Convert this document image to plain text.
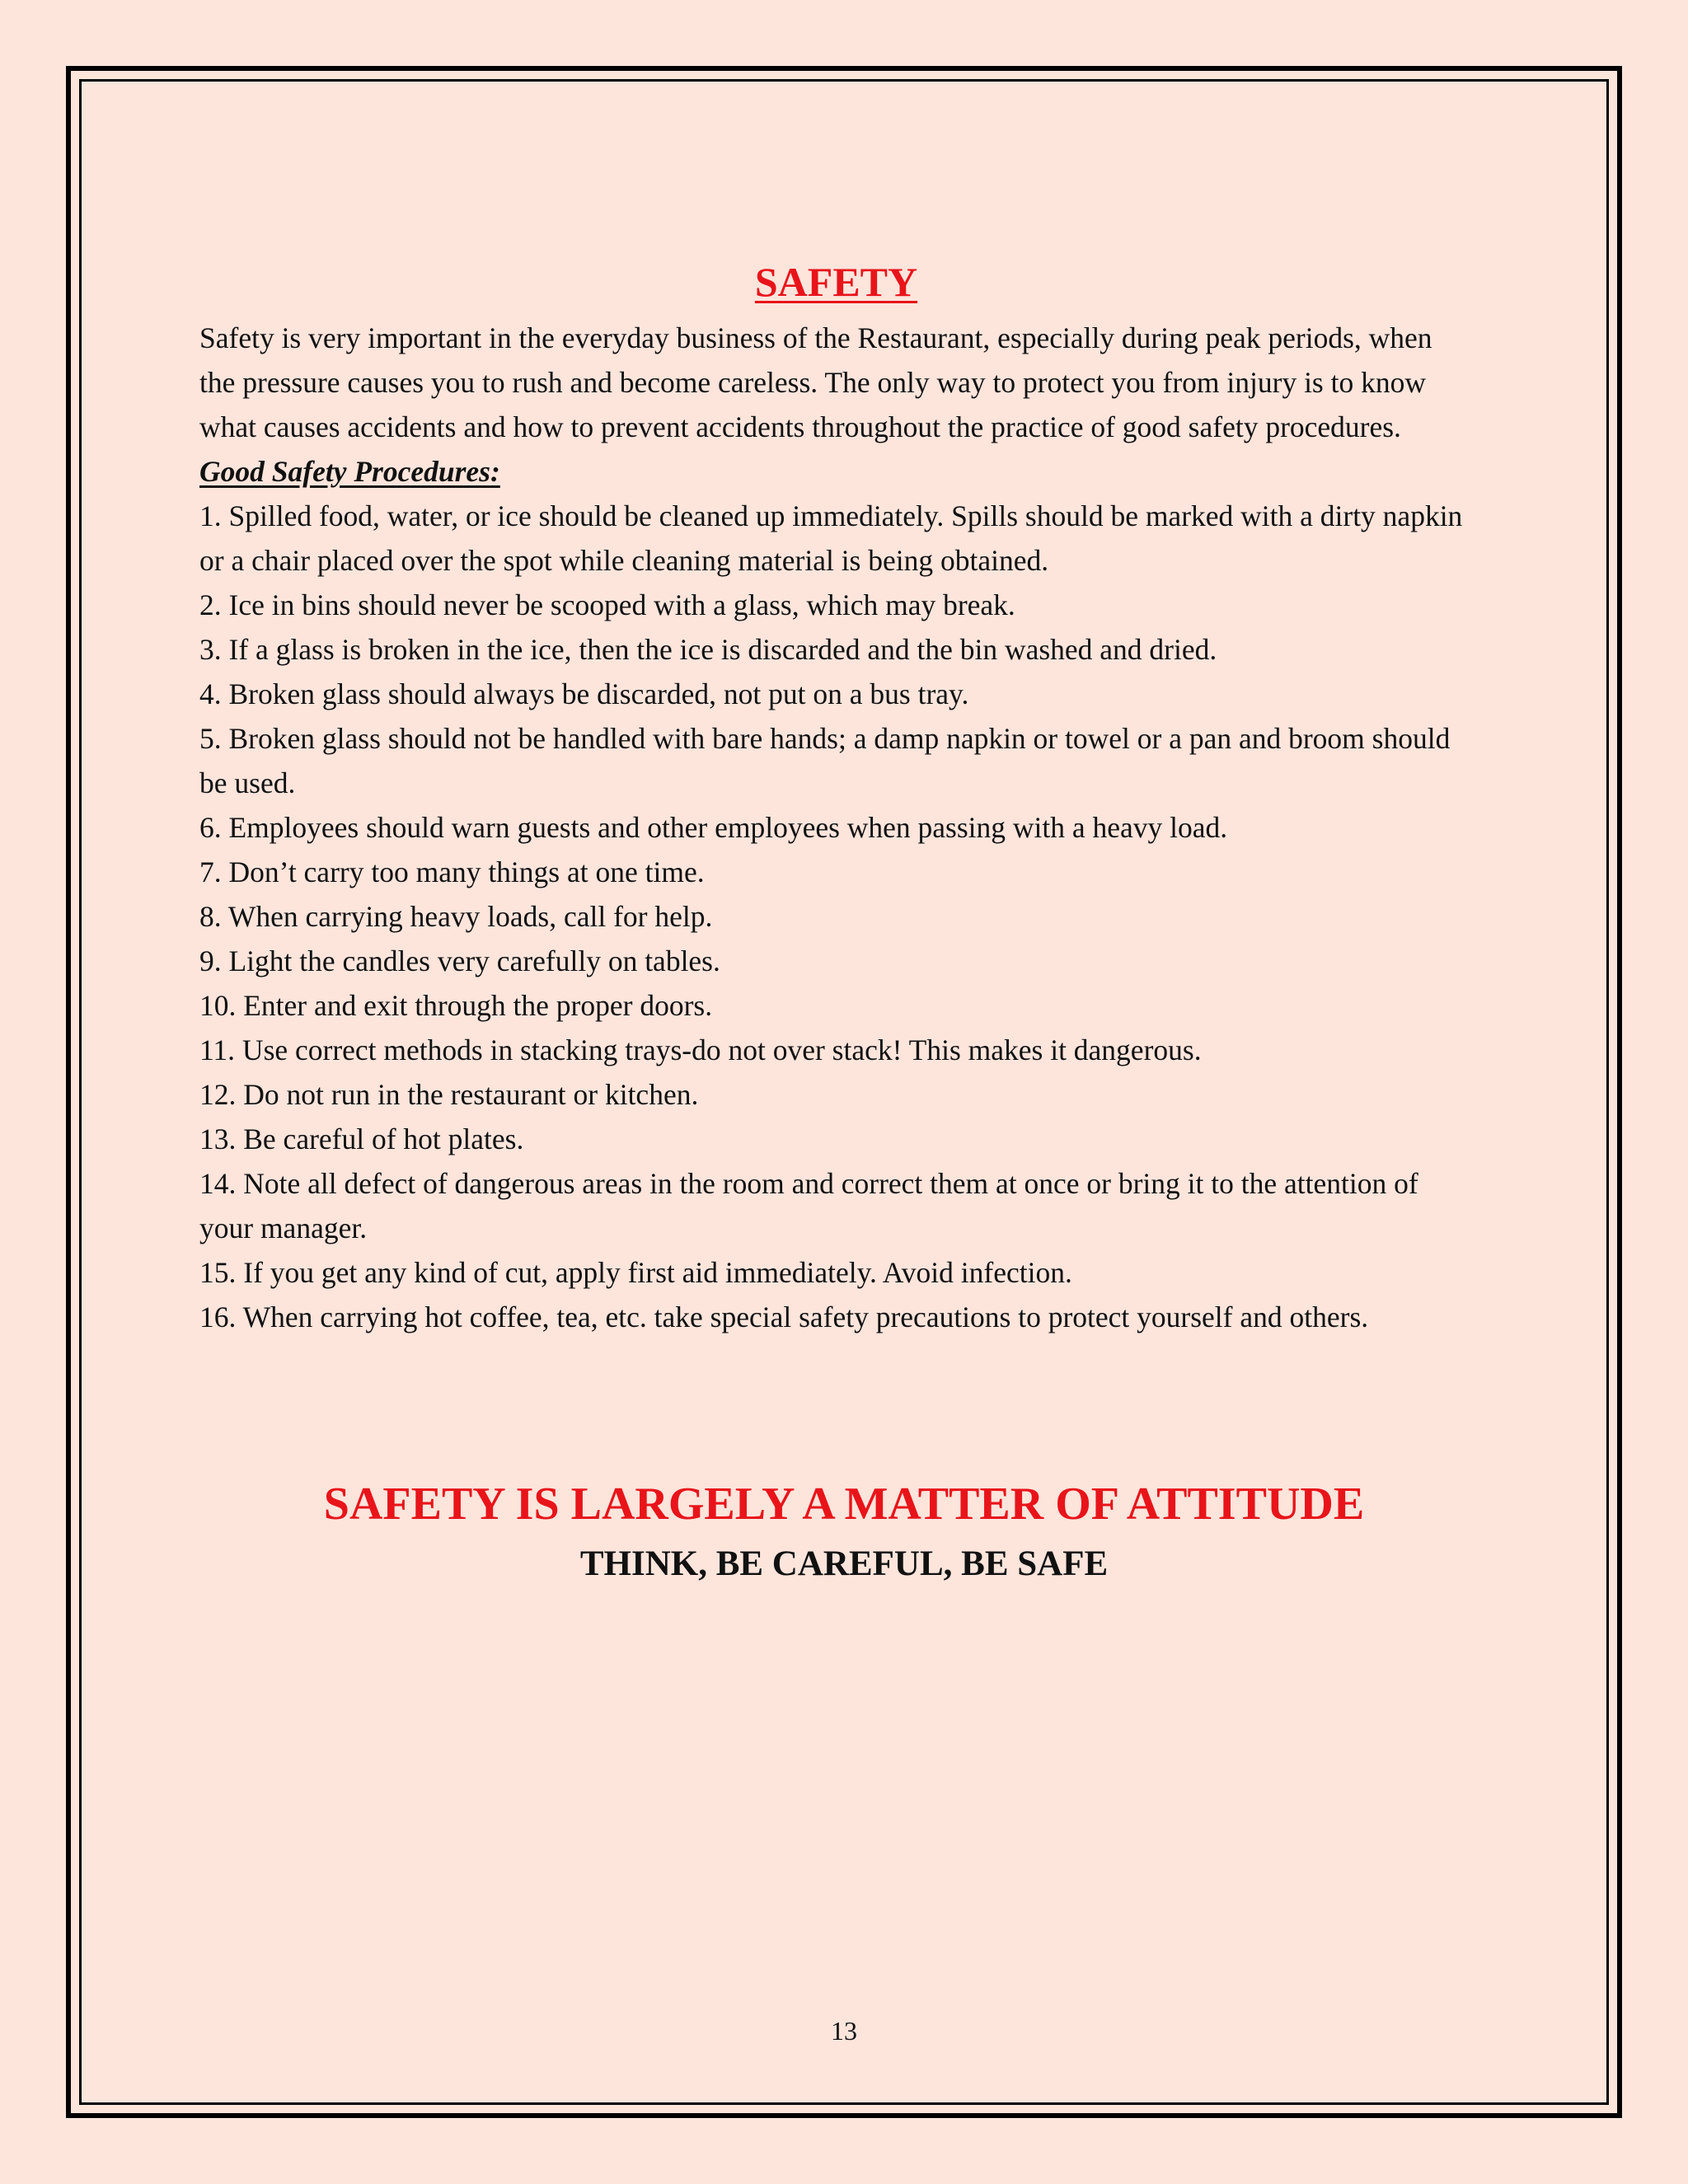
SAFETY

Safety is very important in the everyday business of the Restaurant, especially during peak periods, when the pressure causes you to rush and become careless. The only way to protect you from injury is to know what causes accidents and how to prevent accidents throughout the practice of good safety procedures.

Good Safety Procedures:

1. Spilled food, water, or ice should be cleaned up immediately. Spills should be marked with a dirty napkin or a chair placed over the spot while cleaning material is being obtained.
2. Ice in bins should never be scooped with a glass, which may break.
3. If a glass is broken in the ice, then the ice is discarded and the bin washed and dried.
4. Broken glass should always be discarded, not put on a bus tray.
5. Broken glass should not be handled with bare hands; a damp napkin or towel or a pan and broom should be used.
6. Employees should warn guests and other employees when passing with a heavy load.
7. Don’t carry too many things at one time.
8. When carrying heavy loads, call for help.
9. Light the candles very carefully on tables.
10. Enter and exit through the proper doors.
11. Use correct methods in stacking trays-do not over stack! This makes it dangerous.
12. Do not run in the restaurant or kitchen.
13. Be careful of hot plates.
14. Note all defect of dangerous areas in the room and correct them at once or bring it to the attention of your manager.
15. If you get any kind of cut, apply first aid immediately. Avoid infection.
16. When carrying hot coffee, tea, etc. take special safety precautions to protect yourself and others.

SAFETY IS LARGELY A MATTER OF ATTITUDE

THINK, BE CAREFUL, BE SAFE

13
